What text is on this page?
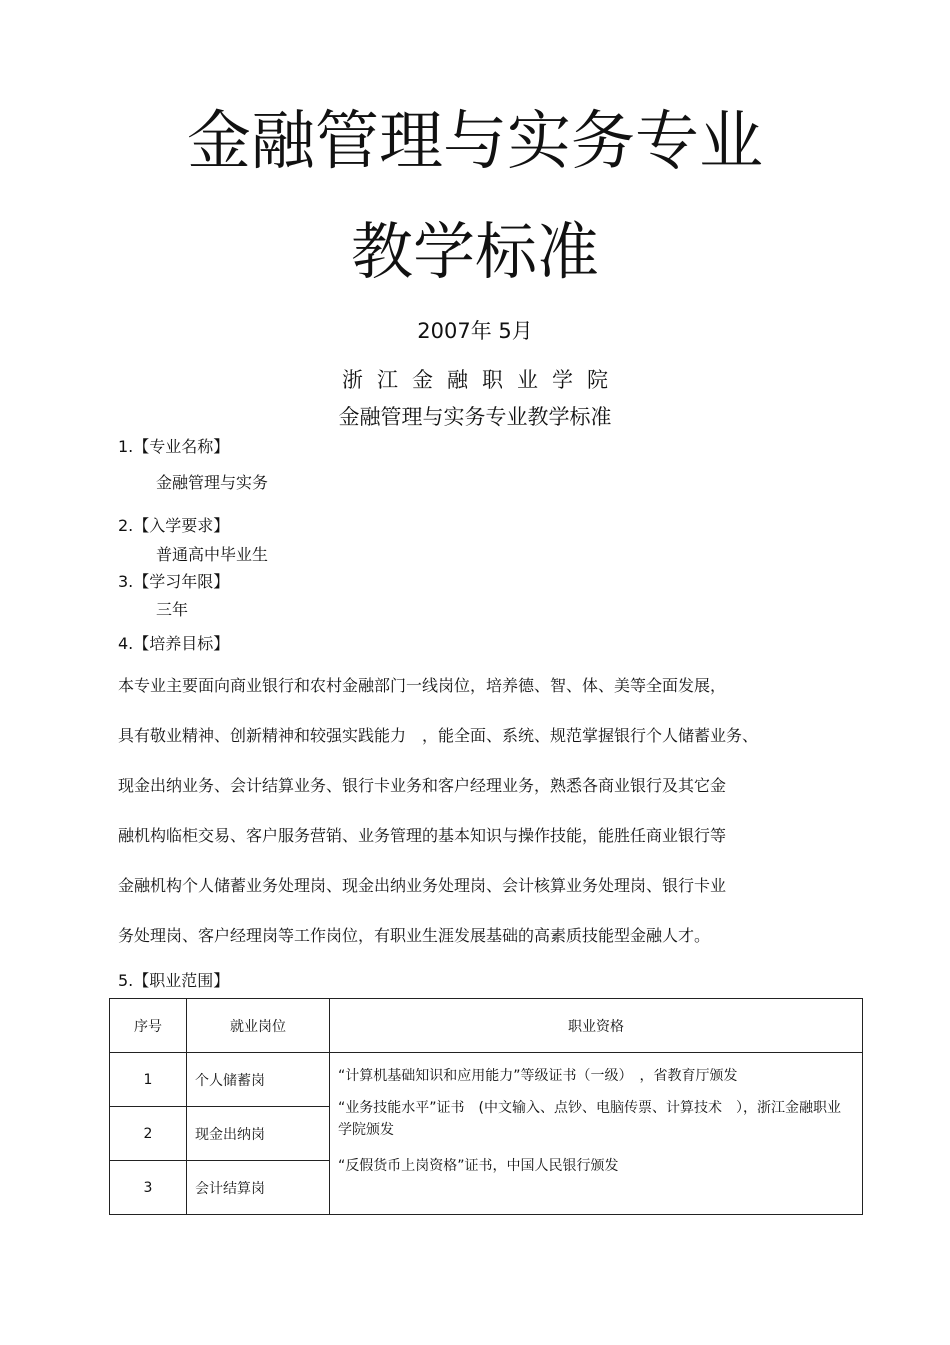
金融管理与实务专业
教学标准
2007年 5月
浙江金融职业学院
金融管理与实务专业教学标准
1.【专业名称】
金融管理与实务
2.【入学要求】
普通高中毕业生
3.【学习年限】
三年
4.【培养目标】
本专业主要面向商业银行和农村金融部门一线岗位，培养德、智、体、美等全面发展，
具有敬业精神、创新精神和较强实践能力　，能全面、系统、规范掌握银行个人储蓄业务、
现金出纳业务、会计结算业务、银行卡业务和客户经理业务，熟悉各商业银行及其它金
融机构临柜交易、客户服务营销、业务管理的基本知识与操作技能，能胜任商业银行等
金融机构个人储蓄业务处理岗、现金出纳业务处理岗、会计核算业务处理岗、银行卡业
务处理岗、客户经理岗等工作岗位，有职业生涯发展基础的高素质技能型金融人才。
5.【职业范围】
序号	就业岗位	职业资格
1	个人储蓄岗	“计算机基础知识和应用能力”等级证书（一级）　，省教育厅颁发

“业务技能水平”证书　(中文输入、点钞、电脑传票、计算技术　），浙江金融职业学院颁发

“反假货币上岗资格”证书，中国人民银行颁发

2	现金出纳岗	
3	会计结算岗	
